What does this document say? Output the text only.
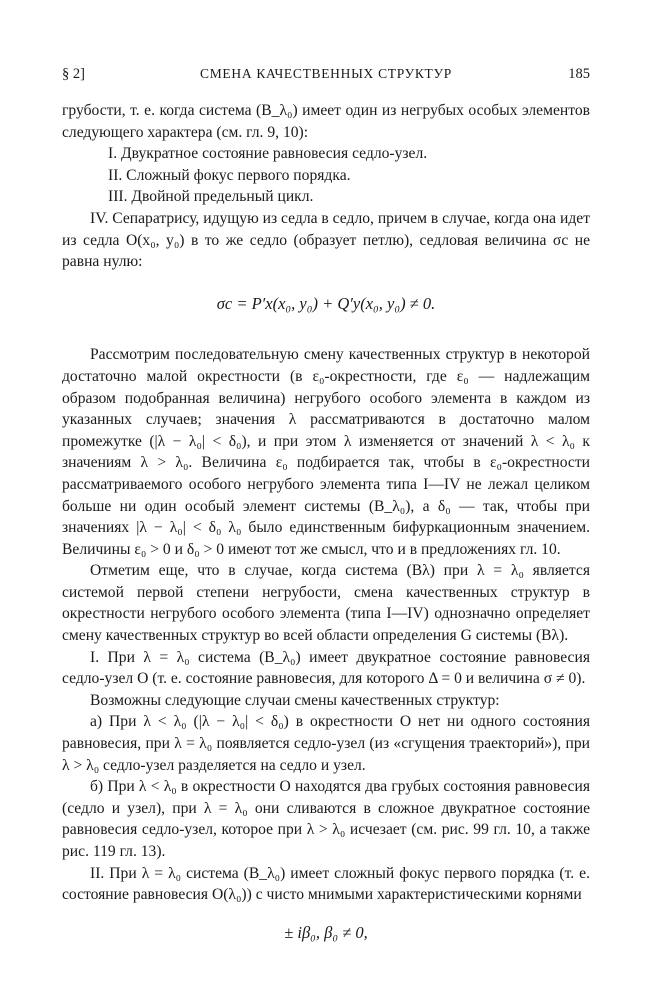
§ 2]	СМЕНА КАЧЕСТВЕННЫХ СТРУКТУР	185

грубости, т. е. когда система (B_λ₀) имеет один из негрубых особых элементов следующего характера (см. гл. 9, 10):

I. Двукратное состояние равновесия седло-узел.

II. Сложный фокус первого порядка.

III. Двойной предельный цикл.

IV. Сепаратрису, идущую из седла в седло, причем в случае, когда она идет из седла O(x₀, y₀) в то же седло (образует петлю), седловая величина σc не равна нулю:

σc = P′x(x₀, y₀) + Q′y(x₀, y₀) ≠ 0.

Рассмотрим последовательную смену качественных структур в некоторой достаточно малой окрестности (в ε₀-окрестности, где ε₀ — надлежащим образом подобранная величина) негрубого особого элемента в каждом из указанных случаев; значения λ рассматриваются в достаточно малом промежутке (|λ − λ₀| < δ₀), и при этом λ изменяется от значений λ < λ₀ к значениям λ > λ₀. Величина ε₀ подбирается так, чтобы в ε₀-окрестности рассматриваемого особого негрубого элемента типа I—IV не лежал целиком больше ни один особый элемент системы (B_λ₀), а δ₀ — так, чтобы при значениях |λ − λ₀| < δ₀ λ₀ было единственным бифуркационным значением. Величины ε₀ > 0 и δ₀ > 0 имеют тот же смысл, что и в предложениях гл. 10.

Отметим еще, что в случае, когда система (Bλ) при λ = λ₀ является системой первой степени негрубости, смена качественных структур в окрестности негрубого особого элемента (типа I—IV) однозначно определяет смену качественных структур во всей области определения G системы (Bλ).

I. При λ = λ₀ система (B_λ₀) имеет двукратное состояние равновесия седло-узел O (т. е. состояние равновесия, для которого Δ = 0 и величина σ ≠ 0).

Возможны следующие случаи смены качественных структур:

а) При λ < λ₀ (|λ − λ₀| < δ₀) в окрестности O нет ни одного состояния равновесия, при λ = λ₀ появляется седло-узел (из «сгущения траекторий»), при λ > λ₀ седло-узел разделяется на седло и узел.

б) При λ < λ₀ в окрестности O находятся два грубых состояния равновесия (седло и узел), при λ = λ₀ они сливаются в сложное двукратное состояние равновесия седло-узел, которое при λ > λ₀ исчезает (см. рис. 99 гл. 10, а также рис. 119 гл. 13).

II. При λ = λ₀ система (B_λ₀) имеет сложный фокус первого порядка (т. е. состояние равновесия O(λ₀)) с чисто мнимыми характеристическими корнями

± iβ₀, β₀ ≠ 0,
